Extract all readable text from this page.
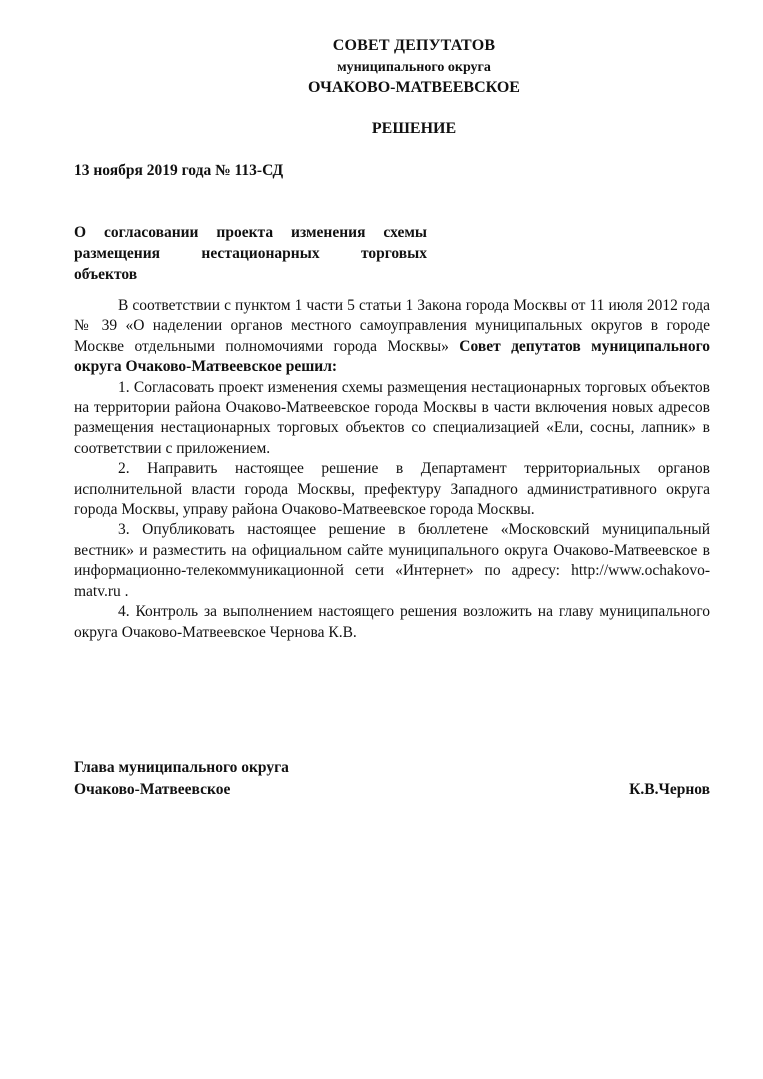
СОВЕТ ДЕПУТАТОВ
муниципального округа
ОЧАКОВО-МАТВЕЕВСКОЕ
РЕШЕНИЕ
13 ноября 2019 года № 113-СД
О согласовании проекта изменения схемы
размещения нестационарных торговых
объектов

В соответствии с пунктом 1 части 5 статьи 1 Закона города Москвы от 11 июля 2012 года № 39 «О наделении органов местного самоуправления муниципальных округов в городе Москве отдельными полномочиями города Москвы» Совет депутатов муниципального округа Очаково-Матвеевское решил:

1. Согласовать проект изменения схемы размещения нестационарных торговых объектов на территории района Очаково-Матвеевское города Москвы в части включения новых адресов размещения нестационарных торговых объектов со специализацией «Ели, сосны, лапник» в соответствии с приложением.

2. Направить настоящее решение в Департамент территориальных органов исполнительной власти города Москвы, префектуру Западного административного округа города Москвы, управу района Очаково-Матвеевское города Москвы.

3. Опубликовать настоящее решение в бюллетене «Московский муниципальный вестник» и разместить на официальном сайте муниципального округа Очаково-Матвеевское в информационно-телекоммуникационной сети «Интернет» по адресу: http://www.ochakovo-matv.ru .

4. Контроль за выполнением настоящего решения возложить на главу муниципального округа Очаково-Матвеевское Чернова К.В.

Глава муниципального округа
Очаково-Матвеевское	К.В.Чернов
